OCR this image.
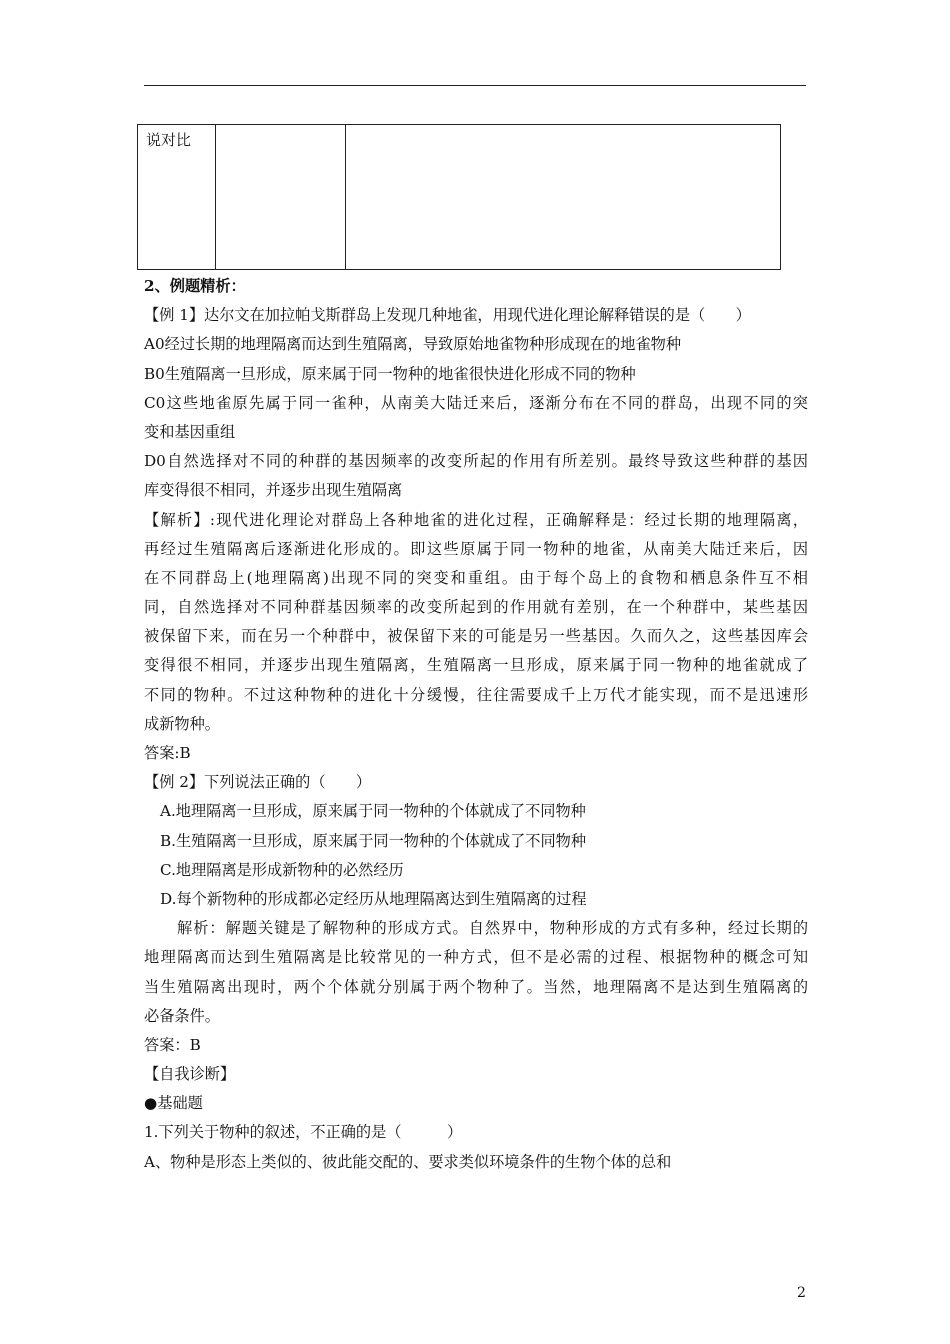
说对比		
2、例题精析：
【例 1】达尔文在加拉帕戈斯群岛上发现几种地雀，用现代进化理论解释错误的是（　　）
A0经过长期的地理隔离而达到生殖隔离，导致原始地雀物种形成现在的地雀物种
B0生殖隔离一旦形成，原来属于同一物种的地雀很快进化形成不同的物种
C0这些地雀原先属于同一雀种，从南美大陆迁来后，逐渐分布在不同的群岛，出现不同的突
变和基因重组
D0自然选择对不同的种群的基因频率的改变所起的作用有所差别。最终导致这些种群的基因
库变得很不相同，并逐步出现生殖隔离
【解析】:现代进化理论对群岛上各种地雀的进化过程，正确解释是：经过长期的地理隔离，
再经过生殖隔离后逐渐进化形成的。即这些原属于同一物种的地雀，从南美大陆迁来后，因
在不同群岛上(地理隔离)出现不同的突变和重组。由于每个岛上的食物和栖息条件互不相
同，自然选择对不同种群基因频率的改变所起到的作用就有差别，在一个种群中，某些基因
被保留下来，而在另一个种群中，被保留下来的可能是另一些基因。久而久之，这些基因库会
变得很不相同，并逐步出现生殖隔离，生殖隔离一旦形成，原来属于同一物种的地雀就成了
不同的物种。不过这种物种的进化十分缓慢，往往需要成千上万代才能实现，而不是迅速形
成新物种。
答案:B
【例 2】下列说法正确的（　　）
A.地理隔离一旦形成，原来属于同一物种的个体就成了不同物种
B.生殖隔离一旦形成，原来属于同一物种的个体就成了不同物种
C.地理隔离是形成新物种的必然经历
D.每个新物种的形成都必定经历从地理隔离达到生殖隔离的过程
解析：解题关键是了解物种的形成方式。自然界中，物种形成的方式有多种，经过长期的
地理隔离而达到生殖隔离是比较常见的一种方式，但不是必需的过程、根据物种的概念可知
当生殖隔离出现时，两个个体就分别属于两个物种了。当然，地理隔离不是达到生殖隔离的
必备条件。
答案：B
【自我诊断】
●基础题
1.下列关于物种的叙述，不正确的是（　　　）
A、物种是形态上类似的、彼此能交配的、要求类似环境条件的生物个体的总和
2
